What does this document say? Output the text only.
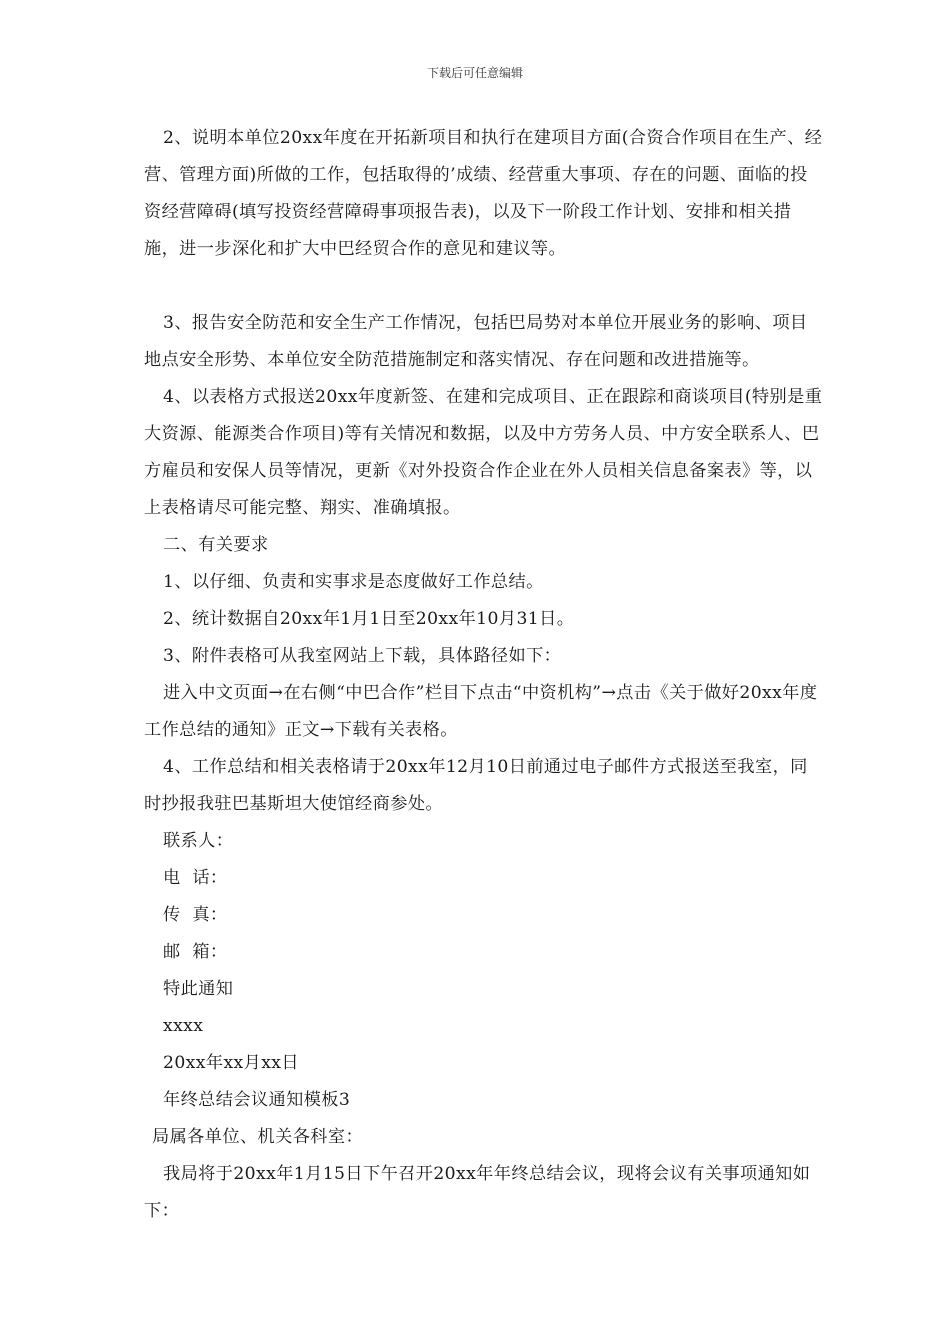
下载后可任意编辑

2、说明本单位20xx年度在开拓新项目和执行在建项目方面(合资合作项目在生产、经营、管理方面)所做的工作，包括取得的’成绩、经营重大事项、存在的问题、面临的投资经营障碍(填写投资经营障碍事项报告表)，以及下一阶段工作计划、安排和相关措施，进一步深化和扩大中巴经贸合作的意见和建议等。

3、报告安全防范和安全生产工作情况，包括巴局势对本单位开展业务的影响、项目地点安全形势、本单位安全防范措施制定和落实情况、存在问题和改进措施等。

4、以表格方式报送20xx年度新签、在建和完成项目、正在跟踪和商谈项目(特别是重大资源、能源类合作项目)等有关情况和数据，以及中方劳务人员、中方安全联系人、巴方雇员和安保人员等情况，更新《对外投资合作企业在外人员相关信息备案表》等，以上表格请尽可能完整、翔实、准确填报。

二、有关要求

1、以仔细、负责和实事求是态度做好工作总结。

2、统计数据自20xx年1月1日至20xx年10月31日。

3、附件表格可从我室网站上下载，具体路径如下：

进入中文页面→在右侧“中巴合作”栏目下点击“中资机构”→点击《关于做好20xx年度工作总结的通知》正文→下载有关表格。

4、工作总结和相关表格请于20xx年12月10日前通过电子邮件方式报送至我室，同时抄报我驻巴基斯坦大使馆经商参处。

联系人：

电  话：

传  真：

邮  箱：

特此通知

xxxx

20xx年xx月xx日

年终总结会议通知模板3

局属各单位、机关各科室：

我局将于20xx年1月15日下午召开20xx年年终总结会议，现将会议有关事项通知如下：
